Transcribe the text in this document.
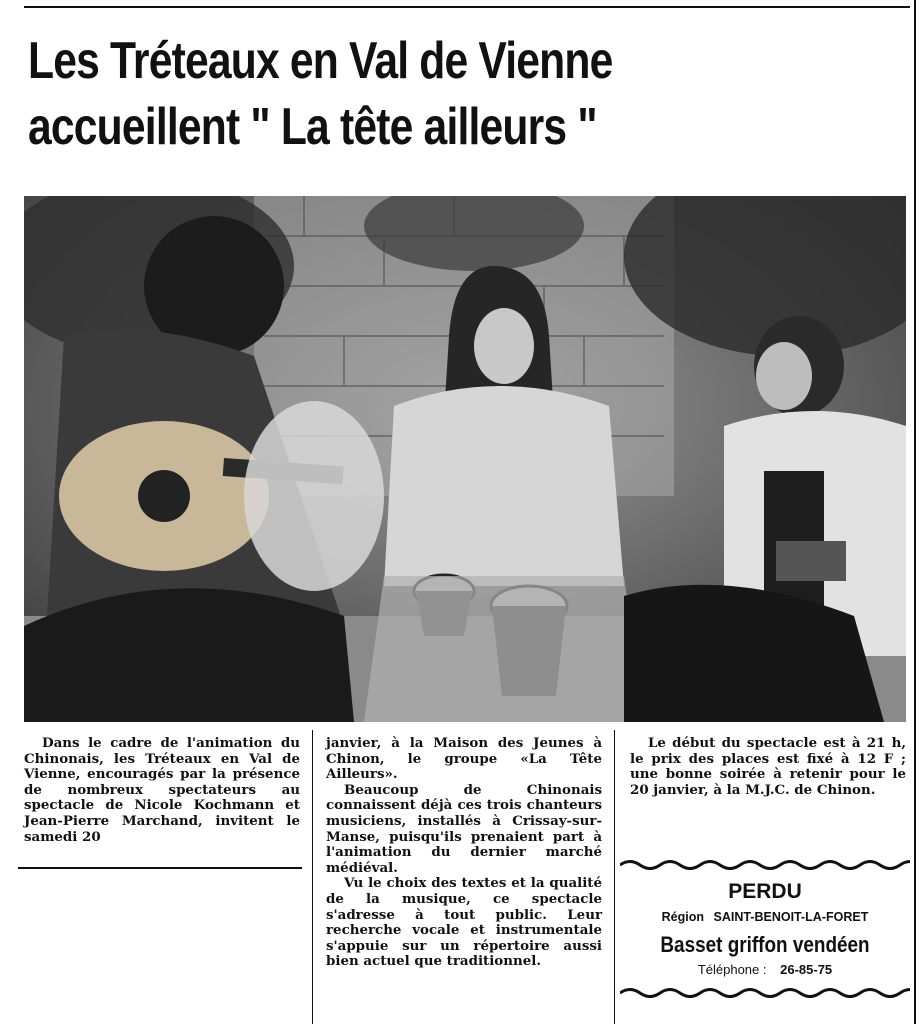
Les Tréteaux en Val de Vienne
accueillent " La tête ailleurs "

Dans le cadre de l'animation du Chinonais, les Tréteaux en Val de Vienne, encouragés par la présence de nombreux spectateurs au spectacle de Nicole Kochmann et Jean-Pierre Marchand, invitent le samedi 20

janvier, à la Maison des Jeunes à Chinon, le groupe «La Tête Ailleurs».

Beaucoup de Chinonais connaissent déjà ces trois chanteurs musiciens, installés à Crissay-sur-Manse, puisqu'ils prenaient part à l'animation du dernier marché médiéval.

Vu le choix des textes et la qualité de la musique, ce spectacle s'adresse à tout public. Leur recherche vocale et instrumentale s'appuie sur un répertoire aussi bien actuel que traditionnel.

Le début du spectacle est à 21 h, le prix des places est fixé à 12 F ; une bonne soirée à retenir pour le 20 janvier, à la M.J.C. de Chinon.

PERDU
Région SAINT-BENOIT-LA-FORET
Basset griffon vendéen
Téléphone : 26-85-75
